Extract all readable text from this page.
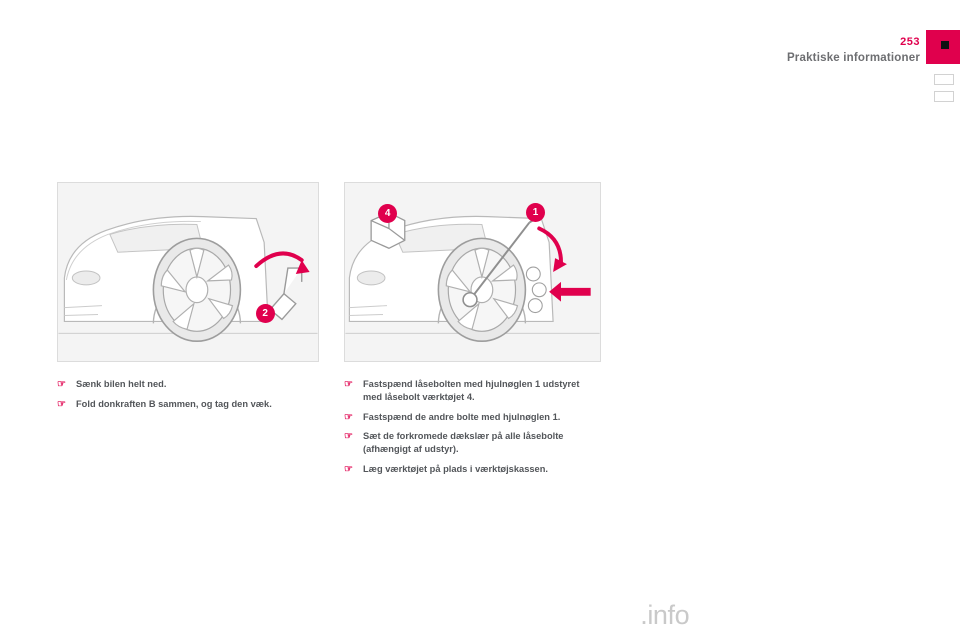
253
Praktiske informationer
2
☞ Sænk bilen helt ned.
☞ Fold donkraften B sammen, og tag den væk.
4	1
☞ Fastspænd låsebolten med hjulnøglen 1 udstyret med låsebolt værktøjet 4.
☞ Fastspænd de andre bolte med hjulnøglen 1.
☞ Sæt de forkromede dækslær på alle låsebolte (afhængigt af udstyr).
☞ Læg værktøjet på plads i værktøjskassen.
carmanualsonline.info
